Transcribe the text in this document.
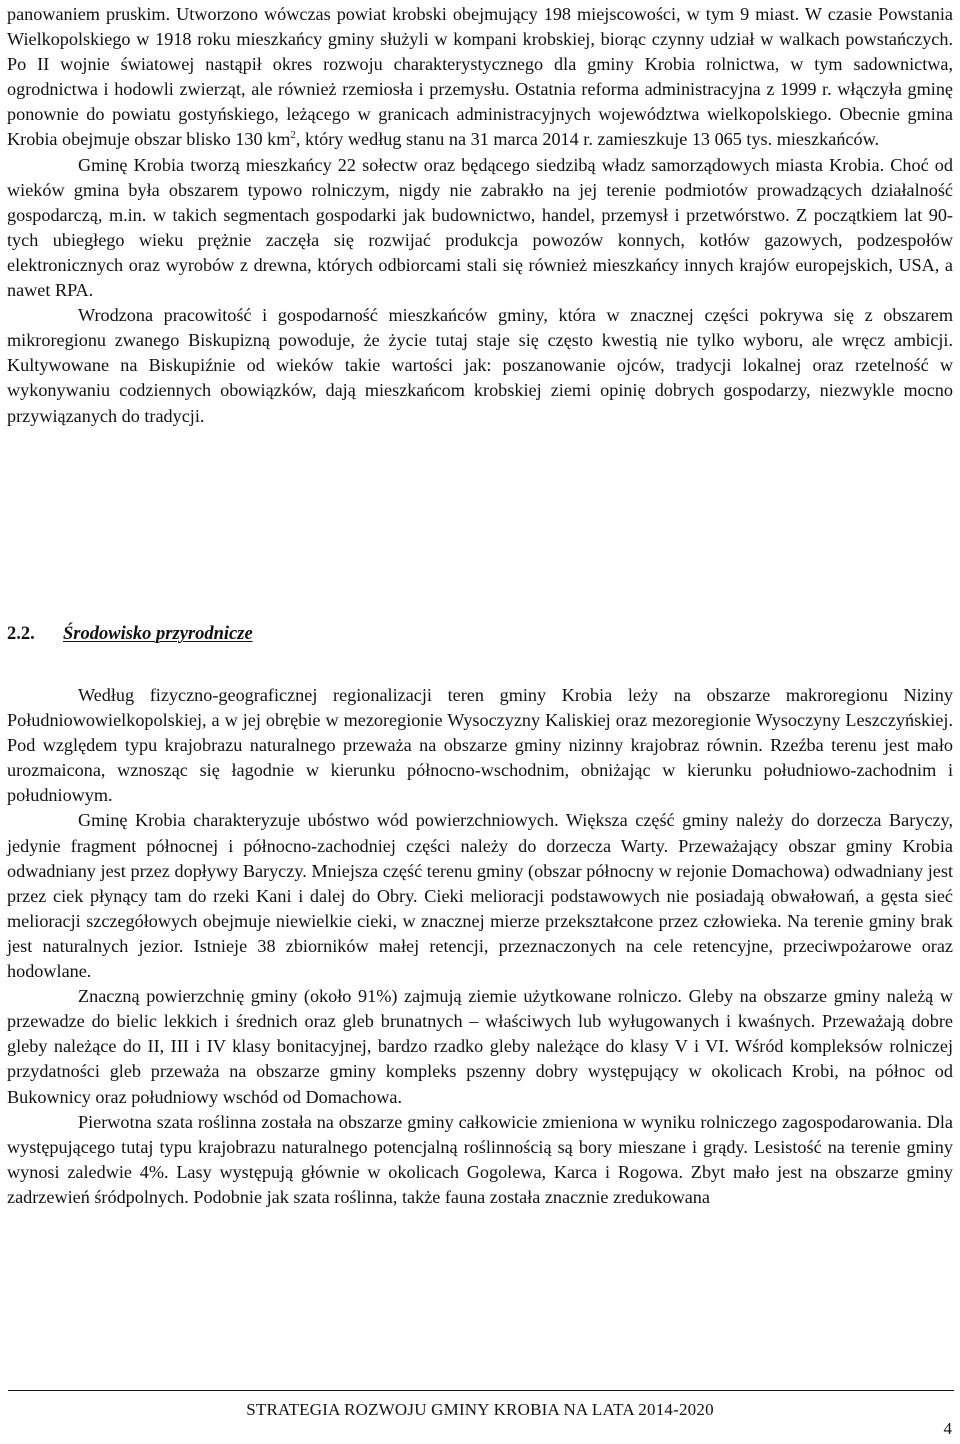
panowaniem pruskim. Utworzono wówczas powiat krobski obejmujący 198 miejscowości, w tym 9 miast. W czasie Powstania Wielkopolskiego w 1918 roku mieszkańcy gminy służyli w kompani krobskiej, biorąc czynny udział w walkach powstańczych. Po II wojnie światowej nastąpił okres rozwoju charakterystycznego dla gminy Krobia rolnictwa, w tym sadownictwa, ogrodnictwa i hodowli zwierząt, ale również rzemiosła i przemysłu. Ostatnia reforma administracyjna z 1999 r. włączyła gminę ponownie do powiatu gostyńskiego, leżącego w granicach administracyjnych województwa wielkopolskiego. Obecnie gmina Krobia obejmuje obszar blisko 130 $km^2$, który według stanu na 31 marca 2014 r. zamieszkuje 13 065 tys. mieszkańców.

Gminę Krobia tworzą mieszkańcy 22 sołectw oraz będącego siedzibą władz samorządowych miasta Krobia. Choć od wieków gmina była obszarem typowo rolniczym, nigdy nie zabrakło na jej terenie podmiotów prowadzących działalność gospodarczą, m.in. w takich segmentach gospodarki jak budownictwo, handel, przemysł i przetwórstwo. Z początkiem lat 90-tych ubiegłego wieku prężnie zaczęła się rozwijać produkcja powozów konnych, kotłów gazowych, podzespołów elektronicznych oraz wyrobów z drewna, których odbiorcami stali się również mieszkańcy innych krajów europejskich, USA, a nawet RPA.

Wrodzona pracowitość i gospodarność mieszkańców gminy, która w znacznej części pokrywa się z obszarem mikroregionu zwanego Biskupizną powoduje, że życie tutaj staje się często kwestią nie tylko wyboru, ale wręcz ambicji. Kultywowane na Biskupiźnie od wieków takie wartości jak: poszanowanie ojców, tradycji lokalnej oraz rzetelność w wykonywaniu codziennych obowiązków, dają mieszkańcom krobskiej ziemi opinię dobrych gospodarzy, niezwykle mocno przywiązanych do tradycji.

2.2. Środowisko przyrodnicze

Według fizyczno-geograficznej regionalizacji teren gminy Krobia leży na obszarze makroregionu Niziny Południowowielkopolskiej, a w jej obrębie w mezoregionie Wysoczyzny Kaliskiej oraz mezoregionie Wysoczyny Leszczyńskiej. Pod względem typu krajobrazu naturalnego przeważa na obszarze gminy nizinny krajobraz równin. Rzeźba terenu jest mało urozmaicona, wznosząc się łagodnie w kierunku północno-wschodnim, obniżając w kierunku południowo-zachodnim i południowym.

Gminę Krobia charakteryzuje ubóstwo wód powierzchniowych. Większa część gminy należy do dorzecza Baryczy, jedynie fragment północnej i północno-zachodniej części należy do dorzecza Warty. Przeważający obszar gminy Krobia odwadniany jest przez dopływy Baryczy. Mniejsza część terenu gminy (obszar północny w rejonie Domachowa) odwadniany jest przez ciek płynący tam do rzeki Kani i dalej do Obry. Cieki melioracji podstawowych nie posiadają obwałowań, a gęsta sieć melioracji szczegółowych obejmuje niewielkie cieki, w znacznej mierze przekształcone przez człowieka. Na terenie gminy brak jest naturalnych jezior. Istnieje 38 zbiorników małej retencji, przeznaczonych na cele retencyjne, przeciwpożarowe oraz hodowlane.

Znaczną powierzchnię gminy (około 91%) zajmują ziemie użytkowane rolniczo. Gleby na obszarze gminy należą w przewadze do bielic lekkich i średnich oraz gleb brunatnych – właściwych lub wyługowanych i kwaśnych. Przeważają dobre gleby należące do II, III i IV klasy bonitacyjnej, bardzo rzadko gleby należące do klasy V i VI. Wśród kompleksów rolniczej przydatności gleb przeważa na obszarze gminy kompleks pszenny dobry występujący w okolicach Krobi, na północ od Bukownicy oraz południowy wschód od Domachowa.

Pierwotna szata roślinna została na obszarze gminy całkowicie zmieniona w wyniku rolniczego zagospodarowania. Dla występującego tutaj typu krajobrazu naturalnego potencjalną roślinnością są bory mieszane i grądy. Lesistość na terenie gminy wynosi zaledwie 4%. Lasy występują głównie w okolicach Gogolewa, Karca i Rogowa. Zbyt mało jest na obszarze gminy zadrzewień śródpolnych. Podobnie jak szata roślinna, także fauna została znacznie zredukowana

STRATEGIA ROZWOJU GMINY KROBIA NA LATA 2014-2020
4
